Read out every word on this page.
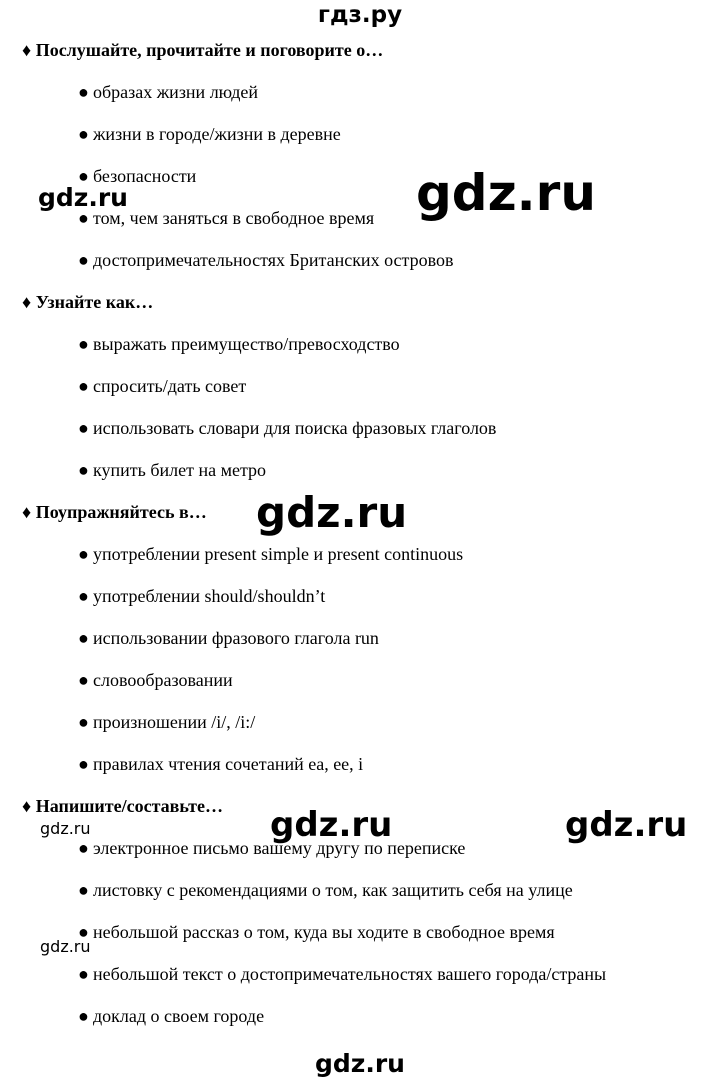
гдз.ру
♦ Послушайте, прочитайте и поговорите о…
● образах жизни людей
● жизни в городе/жизни в деревне
● безопасности
● том, чем заняться в свободное время
● достопримечательностях Британских островов
♦ Узнайте как…
● выражать преимущество/превосходство
● спросить/дать совет
● использовать словари для поиска фразовых глаголов
● купить билет на метро
♦ Поупражняйтесь в…
● употреблении present simple и present continuous
● употреблении should/shouldn’t
● использовании фразового глагола run
● словообразовании
● произношении /i/, /i:/
● правилах чтения сочетаний ea, ee, i
♦ Напишите/составьте…
● электронное письмо вашему другу по переписке
● листовку с рекомендациями о том, как защитить себя на улице
● небольшой рассказ о том, куда вы ходите в свободное время
● небольшой текст о достопримечательностях вашего города/страны
● доклад о своем городе
gdz.ru	gdz.ru
gdz.ru
gdz.ru	gdz.ru
gdz.ru
gdz.ru
gdz.ru
